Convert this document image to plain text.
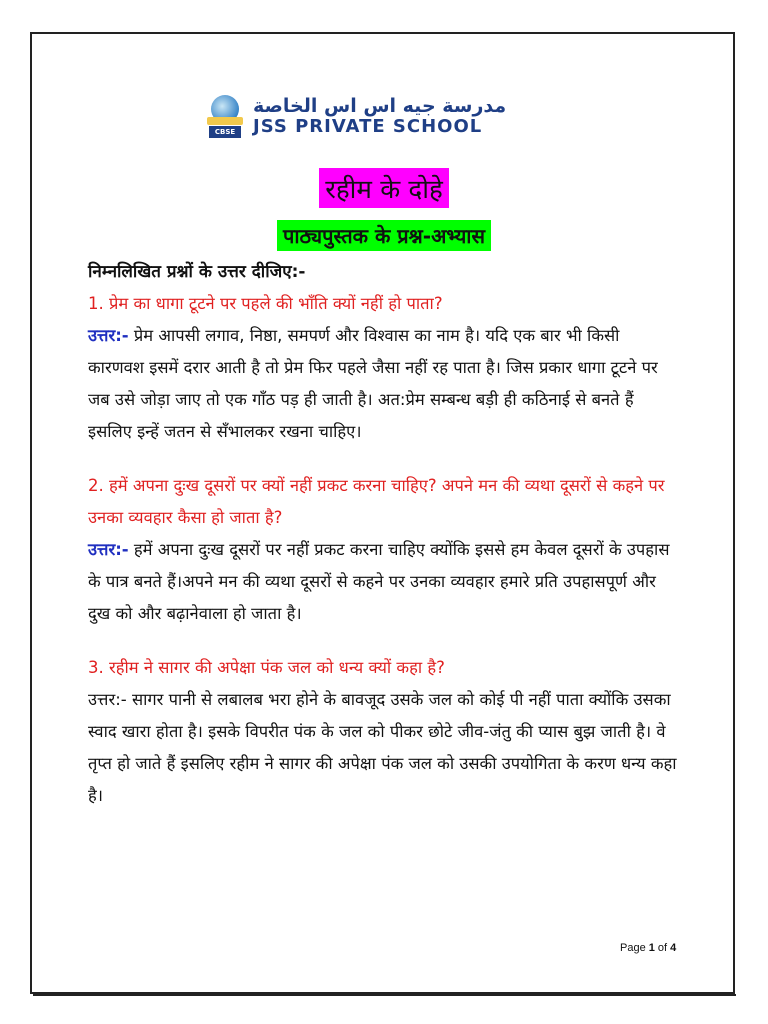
CBSE
مدرسة جيه اس اس الخاصة
JSS PRIVATE SCHOOL
रहीम के दोहे
पाठ्यपुस्तक के प्रश्न-अभ्यास
निम्नलिखित प्रश्नों के उत्तर दीजिए:-
1. प्रेम का धागा टूटने पर पहले की भाँति क्यों नहीं हो पाता?

उत्तर:- प्रेम आपसी लगाव, निष्ठा, समपर्ण और विश्वास का नाम है। यदि एक बार भी किसी कारणवश इसमें दरार आती है तो प्रेम फिर पहले जैसा नहीं रह पाता है। जिस प्रकार धागा टूटने पर जब उसे जोड़ा जाए तो एक गाँठ पड़ ही जाती है। अत:प्रेम सम्बन्ध बड़ी ही कठिनाई से बनते हैं इसलिए इन्हें जतन से सँभालकर रखना चाहिए।

2. हमें अपना दुःख दूसरों पर क्यों नहीं प्रकट करना चाहिए? अपने मन की व्यथा दूसरों से कहने पर उनका व्यवहार कैसा हो जाता है?

उत्तर:- हमें अपना दुःख दूसरों पर नहीं प्रकट करना चाहिए क्योंकि इससे हम केवल दूसरों के उपहास के पात्र बनते हैं।अपने मन की व्यथा दूसरों से कहने पर उनका व्यवहार हमारे प्रति उपहासपूर्ण और दुख को और बढ़ानेवाला हो जाता है।

3. रहीम ने सागर की अपेक्षा पंक जल को धन्य क्यों कहा है?

उत्तर:- सागर पानी से लबालब भरा होने के बावजूद उसके जल को कोई पी नहीं पाता क्योंकि उसका स्वाद खारा होता है। इसके विपरीत पंक के जल को पीकर छोटे जीव-जंतु की प्यास बुझ जाती है। वे तृप्त हो जाते हैं इसलिए रहीम ने सागर की अपेक्षा पंक जल को उसकी उपयोगिता के करण धन्य कहा है।

Page 1 of 4
